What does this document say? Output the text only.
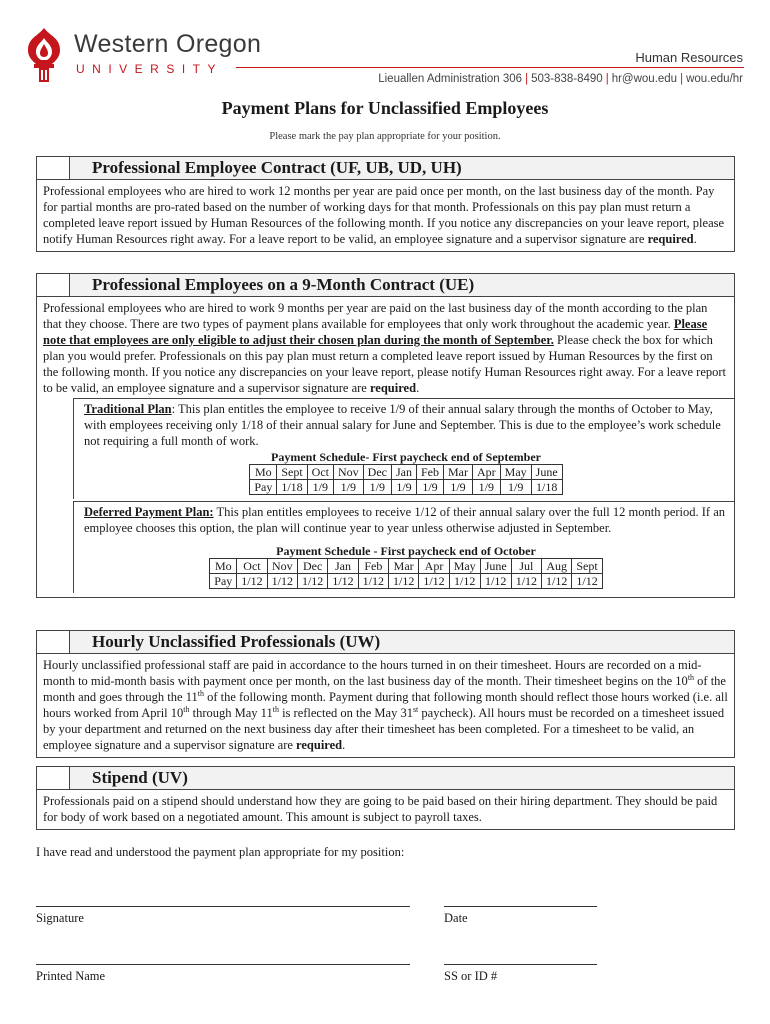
Western Oregon
UNIVERSITY
Human Resources
Lieuallen Administration 306 | 503-838-8490 | hr@wou.edu | wou.edu/hr
Payment Plans for Unclassified Employees
Please mark the pay plan appropriate for your position.
Professional Employee Contract (UF, UB, UD, UH)
Professional employees who are hired to work 12 months per year are paid once per month, on the last business day of the month. Pay for partial months are pro-rated based on the number of working days for that month. Professionals on this pay plan must return a completed leave report issued by Human Resources of the following month. If you notice any discrepancies on your leave report, please notify Human Resources right away. For a leave report to be valid, an employee signature and a supervisor signature are required.
Professional Employees on a 9-Month Contract (UE)
Professional employees who are hired to work 9 months per year are paid on the last business day of the month according to the plan that they choose. There are two types of payment plans available for employees that only work throughout the academic year. Please note that employees are only eligible to adjust their chosen plan during the month of September. Please check the box for which plan you would prefer. Professionals on this pay plan must return a completed leave report issued by Human Resources by the first on the following month. If you notice any discrepancies on your leave report, please notify Human Resources right away. For a leave report to be valid, an employee signature and a supervisor signature are required.
Traditional Plan: This plan entitles the employee to receive 1/9 of their annual salary through the months of October to May, with employees receiving only 1/18 of their annual salary for June and September. This is due to the employee’s work schedule not requiring a full month of work.
Payment Schedule- First paycheck end of September
Mo	Sept	Oct	Nov	Dec	Jan	Feb	Mar	Apr	May	June
Pay	1/18	1/9	1/9	1/9	1/9	1/9	1/9	1/9	1/9	1/18
Deferred Payment Plan: This plan entitles employees to receive 1/12 of their annual salary over the full 12 month period. If an employee chooses this option, the plan will continue year to year unless otherwise adjusted in September.
Payment Schedule - First paycheck end of October
Mo	Oct	Nov	Dec	Jan	Feb	Mar	Apr	May	June	Jul	Aug	Sept
Pay	1/12	1/12	1/12	1/12	1/12	1/12	1/12	1/12	1/12	1/12	1/12	1/12
Hourly Unclassified Professionals (UW)
Hourly unclassified professional staff are paid in accordance to the hours turned in on their timesheet. Hours are recorded on a mid-month to mid-month basis with payment once per month, on the last business day of the month. Their timesheet begins on the 10th of the month and goes through the 11th of the following month. Payment during that following month should reflect those hours worked (i.e. all hours worked from April 10th through May 11th is reflected on the May 31st paycheck). All hours must be recorded on a timesheet issued by your department and returned on the next business day after their timesheet has been completed. For a timesheet to be valid, an employee signature and a supervisor signature are required.
Stipend (UV)
Professionals paid on a stipend should understand how they are going to be paid based on their hiring department. They should be paid for body of work based on a negotiated amount. This amount is subject to payroll taxes.
I have read and understood the payment plan appropriate for my position:
Signature	Date
Printed Name	SS or ID #
